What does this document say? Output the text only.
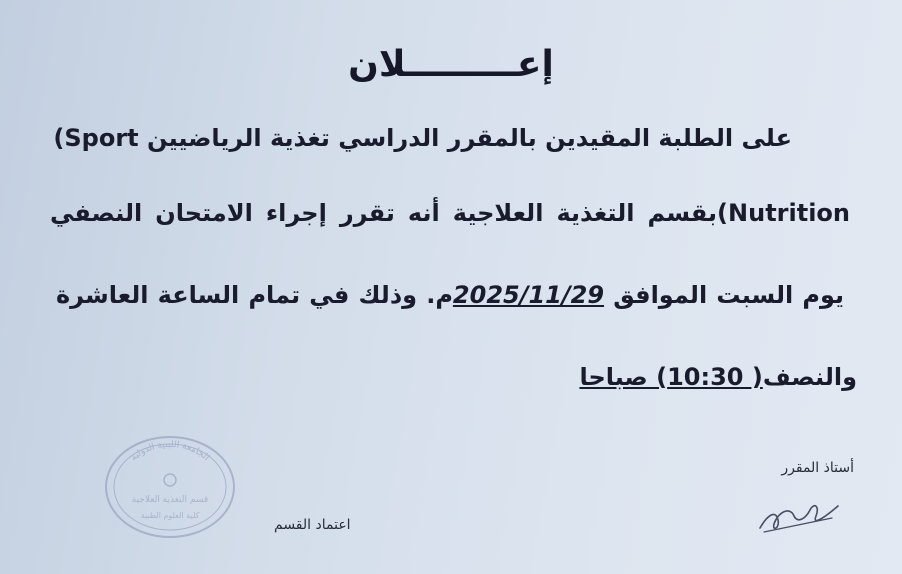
إعـــــــــلان
على الطلبة المقيدين بالمقرر الدراسي تغذية الرياضيين Sport)
Nutrition)بقسم التغذية العلاجية أنه تقرر إجراء الامتحان النصفي
يوم السبت الموافق 2025/11/29م. وذلك في تمام الساعة العاشرة
والنصف( 10:30) صباحا
أستاذ المقرر
اعتماد القسم
الجامعة الليبية الدولية
قسم التغذية العلاجية
كلية العلوم الطبية
